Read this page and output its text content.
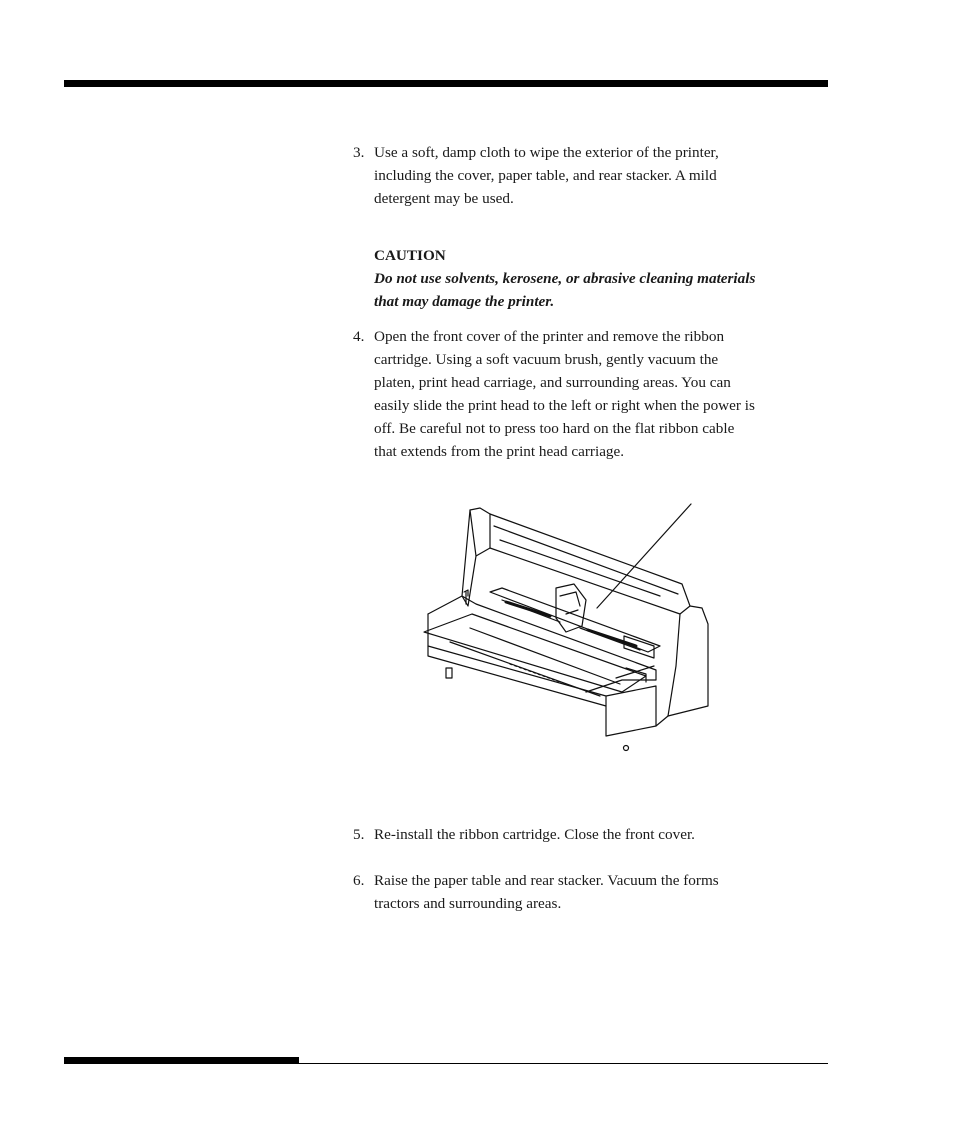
3. Use a soft, damp cloth to wipe the exterior of the printer,
including the cover, paper table, and rear stacker. A mild
detergent may be used.
CAUTION
Do not use solvents, kerosene, or abrasive cleaning materials
that may damage the printer.
4. Open the front cover of the printer and remove the ribbon
cartridge. Using a soft vacuum brush, gently vacuum the
platen, print head carriage, and surrounding areas. You can
easily slide the print head to the left or right when the power is
off. Be careful not to press too hard on the flat ribbon cable
that extends from the print head carriage.
5. Re-install the ribbon cartridge. Close the front cover.
6. Raise the paper table and rear stacker. Vacuum the forms
tractors and surrounding areas.
